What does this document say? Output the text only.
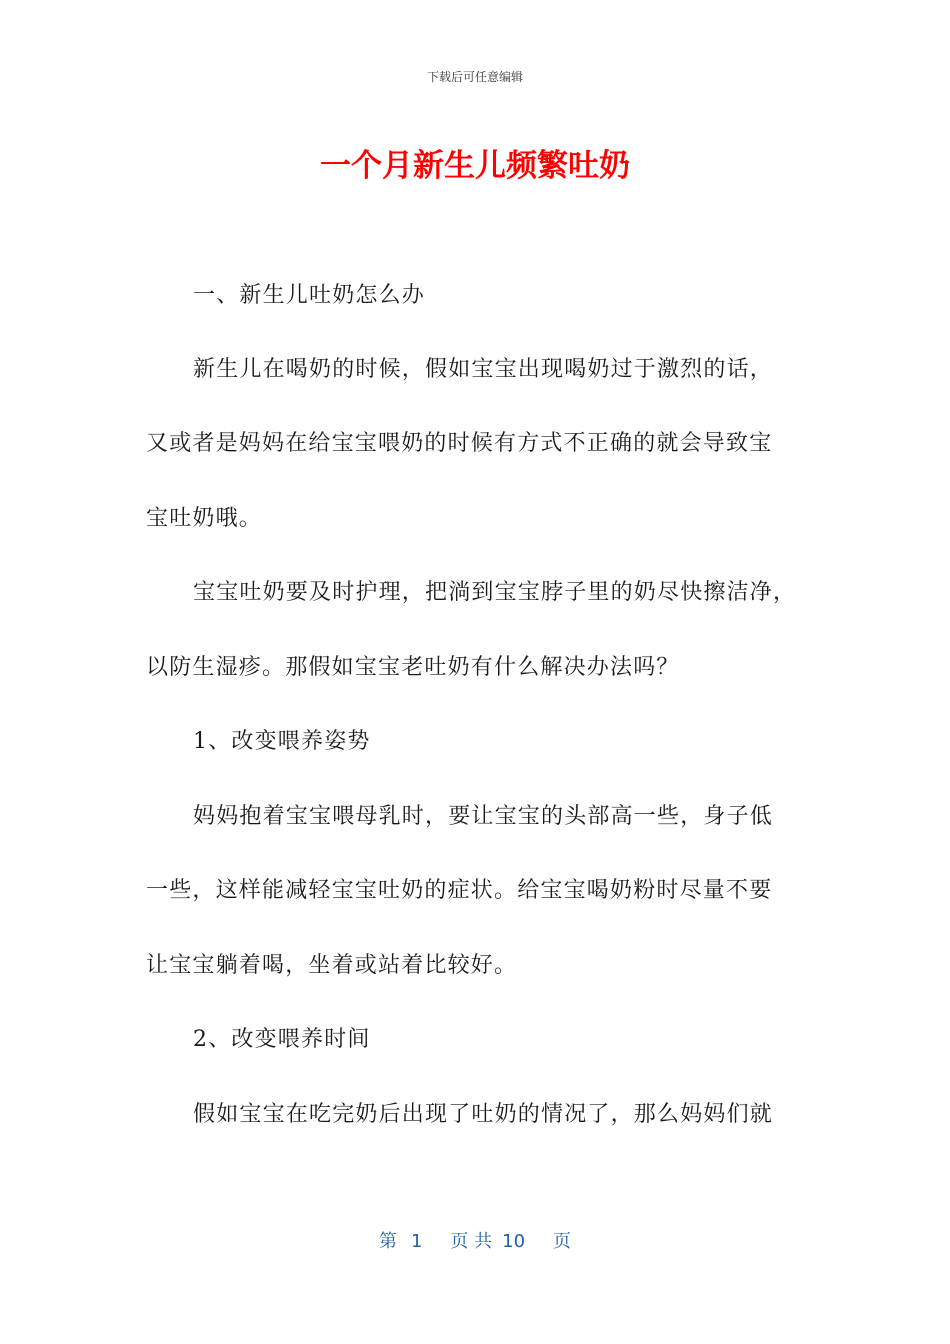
下载后可任意编辑
一个月新生儿频繁吐奶
一、新生儿吐奶怎么办
新生儿在喝奶的时候，假如宝宝出现喝奶过于激烈的话，
又或者是妈妈在给宝宝喂奶的时候有方式不正确的就会导致宝
宝吐奶哦。
宝宝吐奶要及时护理，把淌到宝宝脖子里的奶尽快擦洁净，
以防生湿疹。那假如宝宝老吐奶有什么解决办法吗？
1、改变喂养姿势
妈妈抱着宝宝喂母乳时，要让宝宝的头部高一些，身子低
一些，这样能减轻宝宝吐奶的症状。给宝宝喝奶粉时尽量不要
让宝宝躺着喝，坐着或站着比较好。
2、改变喂养时间
假如宝宝在吃完奶后出现了吐奶的情况了，那么妈妈们就
第 1 页 共 10 页
